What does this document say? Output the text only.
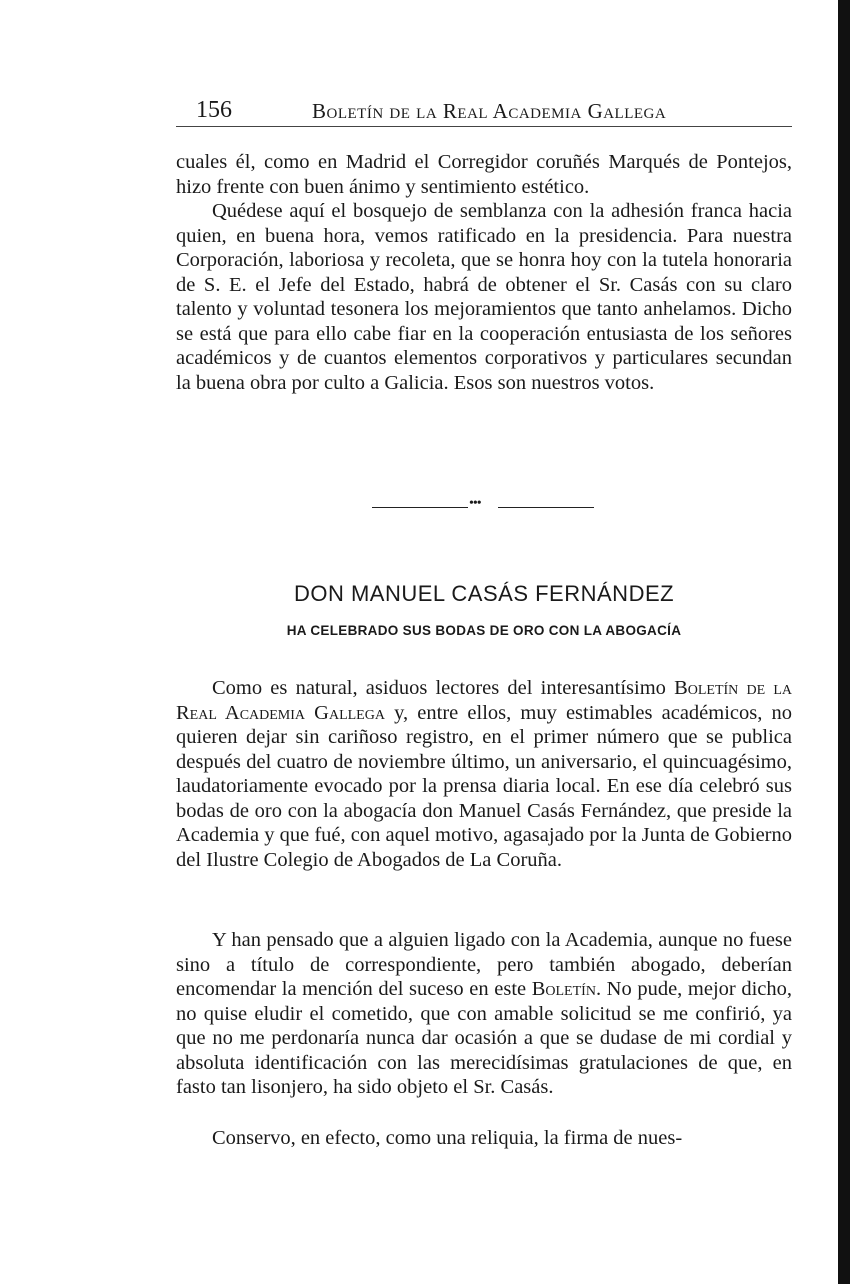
156	Boletín de la Real Academia Gallega

cuales él, como en Madrid el Corregidor coruñés Marqués de Pontejos, hizo frente con buen ánimo y sentimiento estético.

Quédese aquí el bosquejo de semblanza con la adhesión franca hacia quien, en buena hora, vemos ratificado en la presidencia. Para nuestra Corporación, laboriosa y recoleta, que se honra hoy con la tutela honoraria de S. E. el Jefe del Estado, habrá de obtener el Sr. Casás con su claro talento y voluntad tesonera los mejoramientos que tanto anhelamos. Dicho se está que para ello cabe fiar en la cooperación entusiasta de los señores académicos y de cuantos elementos corporativos y particulares secundan la buena obra por culto a Galicia. Esos son nuestros votos.

•••
DON MANUEL CASÁS FERNÁNDEZ
HA CELEBRADO SUS BODAS DE ORO CON LA ABOGACÍA

Como es natural, asiduos lectores del interesantísimo Boletín de la Real Academia Gallega y, entre ellos, muy estimables académicos, no quieren dejar sin cariñoso registro, en el primer número que se publica después del cuatro de noviembre último, un aniversario, el quincuagésimo, laudatoriamente evocado por la prensa diaria local. En ese día celebró sus bodas de oro con la abogacía don Manuel Casás Fernández, que preside la Academia y que fué, con aquel motivo, agasajado por la Junta de Gobierno del Ilustre Colegio de Abogados de La Coruña.

Y han pensado que a alguien ligado con la Academia, aunque no fuese sino a título de correspondiente, pero también abogado, deberían encomendar la mención del suceso en este Boletín. No pude, mejor dicho, no quise eludir el cometido, que con amable solicitud se me confirió, ya que no me perdonaría nunca dar ocasión a que se dudase de mi cordial y absoluta identificación con las merecidísimas gratulaciones de que, en fasto tan lisonjero, ha sido objeto el Sr. Casás.

Conservo, en efecto, como una reliquia, la firma de nues-
